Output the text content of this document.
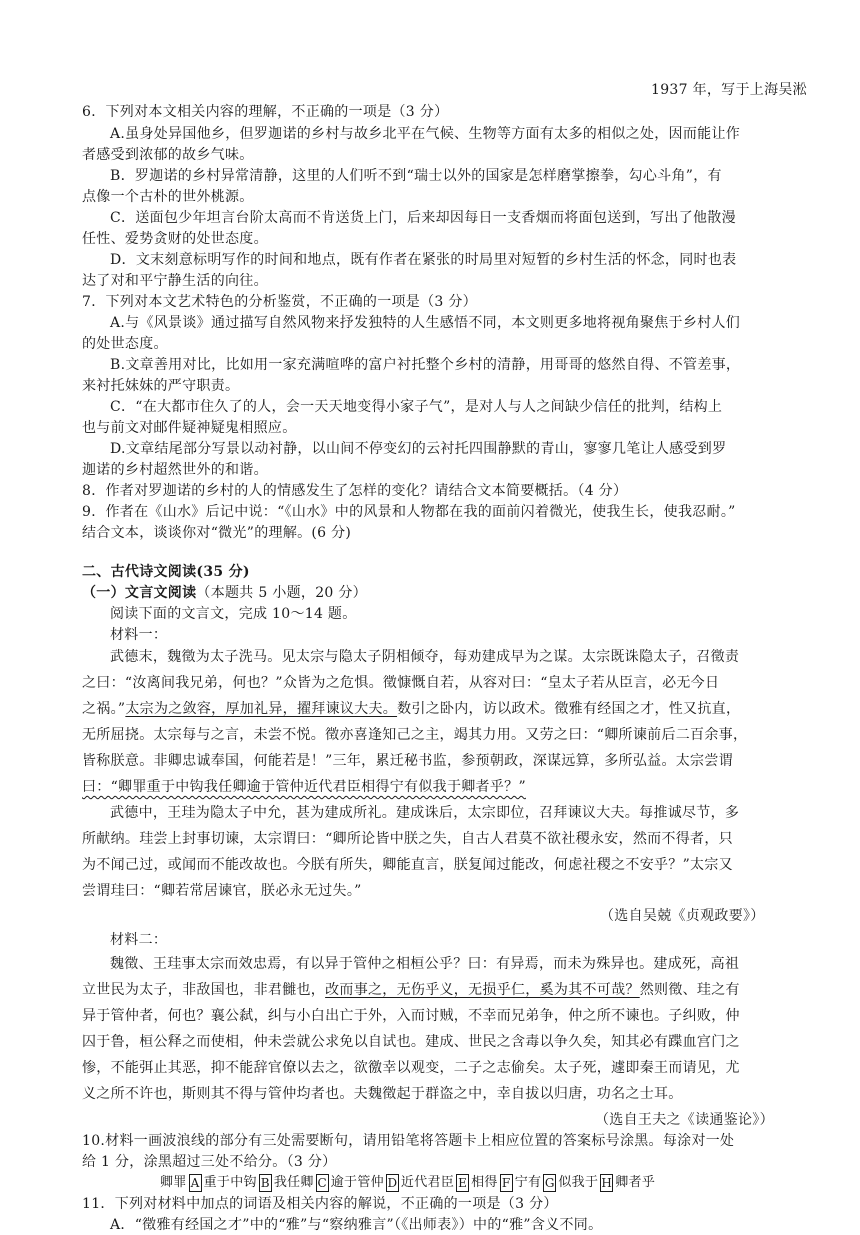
1937 年，写于上海吴淞
6．下列对本文相关内容的理解，不正确的一项是（3 分）
A.虽身处异国他乡，但罗迦诺的乡村与故乡北平在气候、生物等方面有太多的相似之处，因而能让作
者感受到浓郁的故乡气味。
B．罗迦诺的乡村异常清静，这里的人们听不到“瑞士以外的国家是怎样磨掌擦拳，勾心斗角”，有
点像一个古朴的世外桃源。
C．送面包少年坦言台阶太高而不肯送货上门，后来却因每日一支香烟而将面包送到，写出了他散漫
任性、爱势贪财的处世态度。
D．文末刻意标明写作的时间和地点，既有作者在紧张的时局里对短暂的乡村生活的怀念，同时也表
达了对和平宁静生活的向往。
7．下列对本文艺术特色的分析鉴赏，不正确的一项是（3 分）
A.与《风景谈》通过描写自然风物来抒发独特的人生感悟不同，本文则更多地将视角聚焦于乡村人们
的处世态度。
B.文章善用对比，比如用一家充满喧哗的富户衬托整个乡村的清静，用哥哥的悠然自得、不管差事，
来衬托妹妹的严守职责。
C．“在大都市住久了的人，会一天天地变得小家子气”，是对人与人之间缺少信任的批判，结构上
也与前文对邮件疑神疑鬼相照应。
D.文章结尾部分写景以动衬静，以山间不停变幻的云衬托四围静默的青山，寥寥几笔让人感受到罗
迦诺的乡村超然世外的和谐。
8．作者对罗迦诺的乡村的人的情感发生了怎样的变化？请结合文本简要概括。（4 分）
9．作者在《山水》后记中说：“《山水》中的风景和人物都在我的面前闪着微光，使我生长，使我忍耐。”
结合文本，谈谈你对“微光”的理解。(6 分)
二、古代诗文阅读(35 分)
（一）文言文阅读（本题共 5 小题，20 分）
阅读下面的文言文，完成 10～14 题。
材料一：
武德末，魏徵为太子洗马。见太宗与隐太子阴相倾夺，每劝建成早为之谋。太宗既诛隐太子，召徵责
之曰：“汝离间我兄弟，何也？”众皆为之危惧。徵慷慨自若，从容对曰：“皇太子若从臣言，必无今日
之祸。”太宗为之敛容，厚加礼异，擢拜谏议大夫。数引之卧内，访以政术。徵雅有经国之才，性又抗直，
无所屈挠。太宗每与之言，未尝不悦。徵亦喜逢知己之主，竭其力用。又劳之曰：“卿所谏前后二百余事，
皆称朕意。非卿忠诚奉国，何能若是！”三年，累迁秘书监，参预朝政，深谋远算，多所弘益。太宗尝谓
曰：“卿罪重于中钩我任卿逾于管仲近代君臣相得宁有似我于卿者乎？”
武德中，王珪为隐太子中允，甚为建成所礼。建成诛后，太宗即位，召拜谏议大夫。每推诚尽节，多
所献纳。珪尝上封事切谏，太宗谓曰：“卿所论皆中朕之失，自古人君莫不欲社稷永安，然而不得者，只
为不闻己过，或闻而不能改故也。今朕有所失，卿能直言，朕复闻过能改，何虑社稷之不安乎？”太宗又
尝谓珪曰：“卿若常居谏官，朕必永无过失。”
（选自吴兢《贞观政要》）
材料二：
魏徵、王珪事太宗而效忠焉，有以异于管仲之相桓公乎？曰：有异焉，而未为殊异也。建成死，高祖
立世民为太子，非敌国也，非君雠也，改而事之，无伤乎义，无损乎仁，奚为其不可哉？然则徵、珪之有
异于管仲者，何也？襄公弑，纠与小白出亡于外，入而讨贼，不幸而兄弟争，仲之所不谏也。子纠败，仲
囚于鲁，桓公释之而使相，仲未尝就公求免以自试也。建成、世民之含毒以争久矣，知其必有蹀血宫门之
惨，不能弭止其恶，抑不能辞官僚以去之，欲徼幸以观变，二子之志偷矣。太子死，遽即秦王而请见，尤
义之所不许也，斯则其不得与管仲均者也。夫魏徵起于群盗之中，幸自拔以归唐，功名之士耳。
（选自王夫之《读通鉴论》）
10.材料一画波浪线的部分有三处需要断句，请用铅笔将答题卡上相应位置的答案标号涂黑。每涂对一处
给 1 分，涂黑超过三处不给分。（3 分）
卿罪 A 重于中钩 B 我任卿 C 逾于管仲 D 近代君臣 E 相得 F 宁有 G 似我于 H 卿者乎
11．下列对材料中加点的词语及相关内容的解说，不正确的一项是（3 分）
A．“徵雅有经国之才”中的“雅”与“察纳雅言”（《出师表》）中的“雅”含义不同。
